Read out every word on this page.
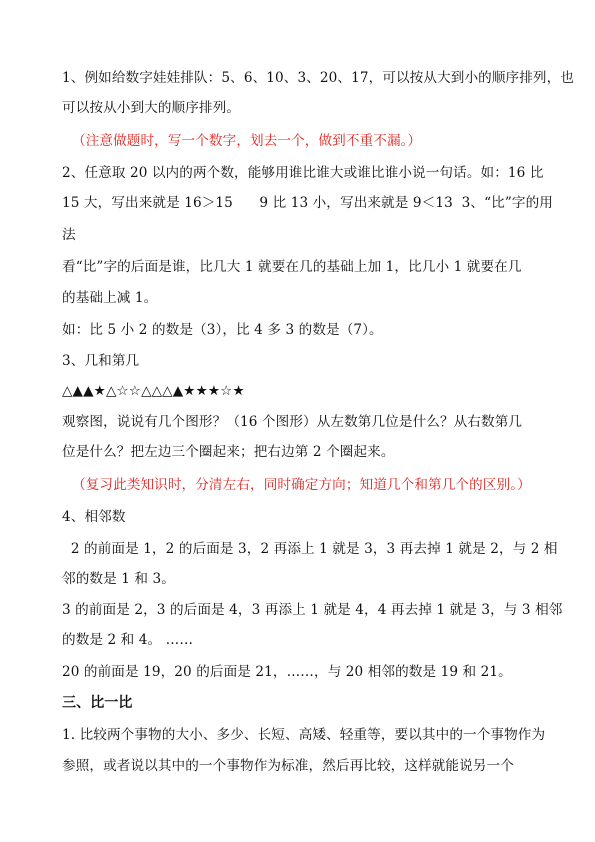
1、例如给数字娃娃排队：5、6、10、3、20、17，可以按从大到小的顺序排列，也
可以按从小到大的顺序排列。
（注意做题时，写一个数字，划去一个，做到不重不漏。）
2、任意取 20 以内的两个数，能够用谁比谁大或谁比谁小说一句话。如：16 比
15 大，写出来就是 16＞15      9 比 13 小，写出来就是 9＜13  3、“比”字的用
法
看“比”字的后面是谁，比几大 1 就要在几的基础上加 1，比几小 1 就要在几
的基础上减 1。
如：比 5 小 2 的数是（3），比 4 多 3 的数是（7）。
3、几和第几
△▲▲★△☆☆△△△▲★★★☆★
观察图，说说有几个图形？（16 个图形）从左数第几位是什么？从右数第几
位是什么？把左边三个圈起来；把右边第 2 个圈起来。
（复习此类知识时，分清左右，同时确定方向；知道几个和第几个的区别。）
4、相邻数
2 的前面是 1，2 的后面是 3，2 再添上 1 就是 3，3 再去掉 1 就是 2，与 2 相
邻的数是 1 和 3。
3 的前面是 2，3 的后面是 4，3 再添上 1 就是 4，4 再去掉 1 就是 3，与 3 相邻
的数是 2 和 4。 ……
20 的前面是 19，20 的后面是 21，……，与 20 相邻的数是 19 和 21。
三、比一比
1. 比较两个事物的大小、多少、长短、高矮、轻重等，要以其中的一个事物作为
参照，或者说以其中的一个事物作为标准，然后再比较，这样就能说另一个
